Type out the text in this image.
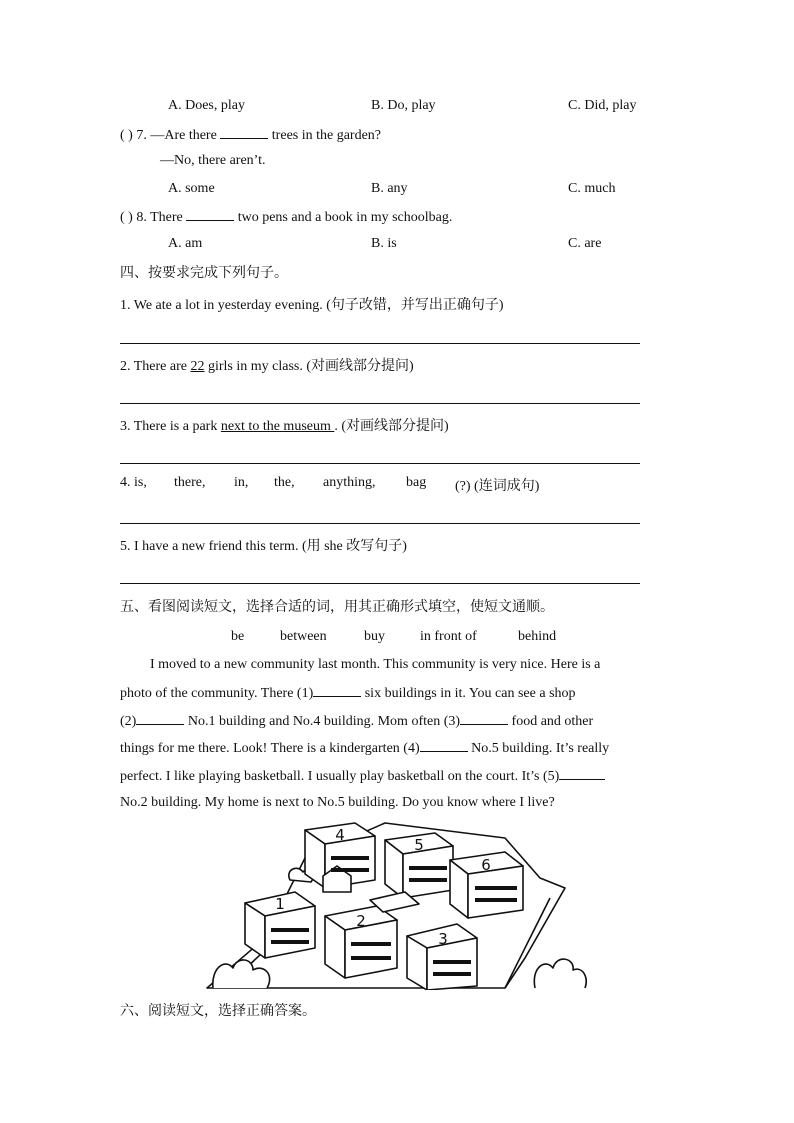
A. Does, play	B. Do, play	C. Did, play
( ) 7. —Are there	trees in the garden?
—No, there aren’t.
A. some	B. any	C. much
( ) 8. There	two pens and a book in my schoolbag.
A. am	B. is	C. are
四、按要求完成下列句子。
1. We ate a lot in yesterday evening. (句子改错，并写出正确句子)
2. There are 22 girls in my class. (对画线部分提问)
3. There is a park next to the museum . (对画线部分提问)
4. is, there, in, the, anything, bag (?) (连词成句)
5. I have a new friend this term. (用 she 改写句子)
五、看图阅读短文，选择合适的词，用其正确形式填空，使短文通顺。
be	between	buy	in front of	behind
I moved to a new community last month. This community is very nice. Here is a
photo of the community. There (1)	six buildings in it. You can see a shop
(2)	No.1 building and No.4 building. Mom often (3)	food and other
things for me there. Look! There is a kindergarten (4)	No.5 building. It’s really
perfect. I like playing basketball. I usually play basketball on the court. It’s (5)
No.2 building. My home is next to No.5 building. Do you know where I live?
1
2
3
4
5
6
六、阅读短文，选择正确答案。
